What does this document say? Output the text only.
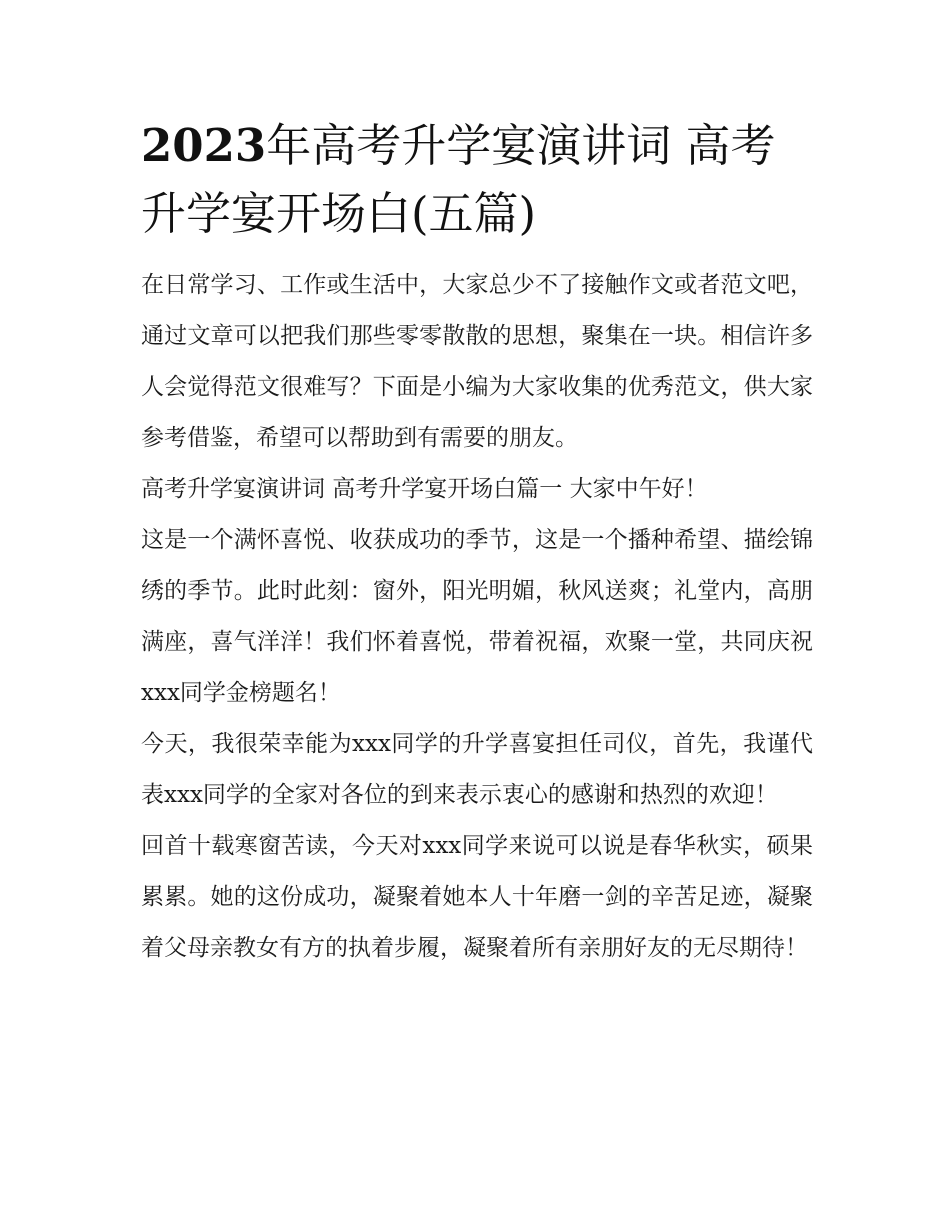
2023年高考升学宴演讲词 高考升学宴开场白(五篇)

在日常学习、工作或生活中，大家总少不了接触作文或者范文吧，通过文章可以把我们那些零零散散的思想，聚集在一块。相信许多人会觉得范文很难写？下面是小编为大家收集的优秀范文，供大家参考借鉴，希望可以帮助到有需要的朋友。

高考升学宴演讲词 高考升学宴开场白篇一 大家中午好！

这是一个满怀喜悦、收获成功的季节，这是一个播种希望、描绘锦绣的季节。此时此刻：窗外，阳光明媚，秋风送爽；礼堂内，高朋满座，喜气洋洋！我们怀着喜悦，带着祝福，欢聚一堂，共同庆祝xxx同学金榜题名！

今天，我很荣幸能为xxx同学的升学喜宴担任司仪，首先，我谨代表xxx同学的全家对各位的到来表示衷心的感谢和热烈的欢迎！

回首十载寒窗苦读，今天对xxx同学来说可以说是春华秋实，硕果累累。她的这份成功，凝聚着她本人十年磨一剑的辛苦足迹，凝聚着父母亲教女有方的执着步履，凝聚着所有亲朋好友的无尽期待！
